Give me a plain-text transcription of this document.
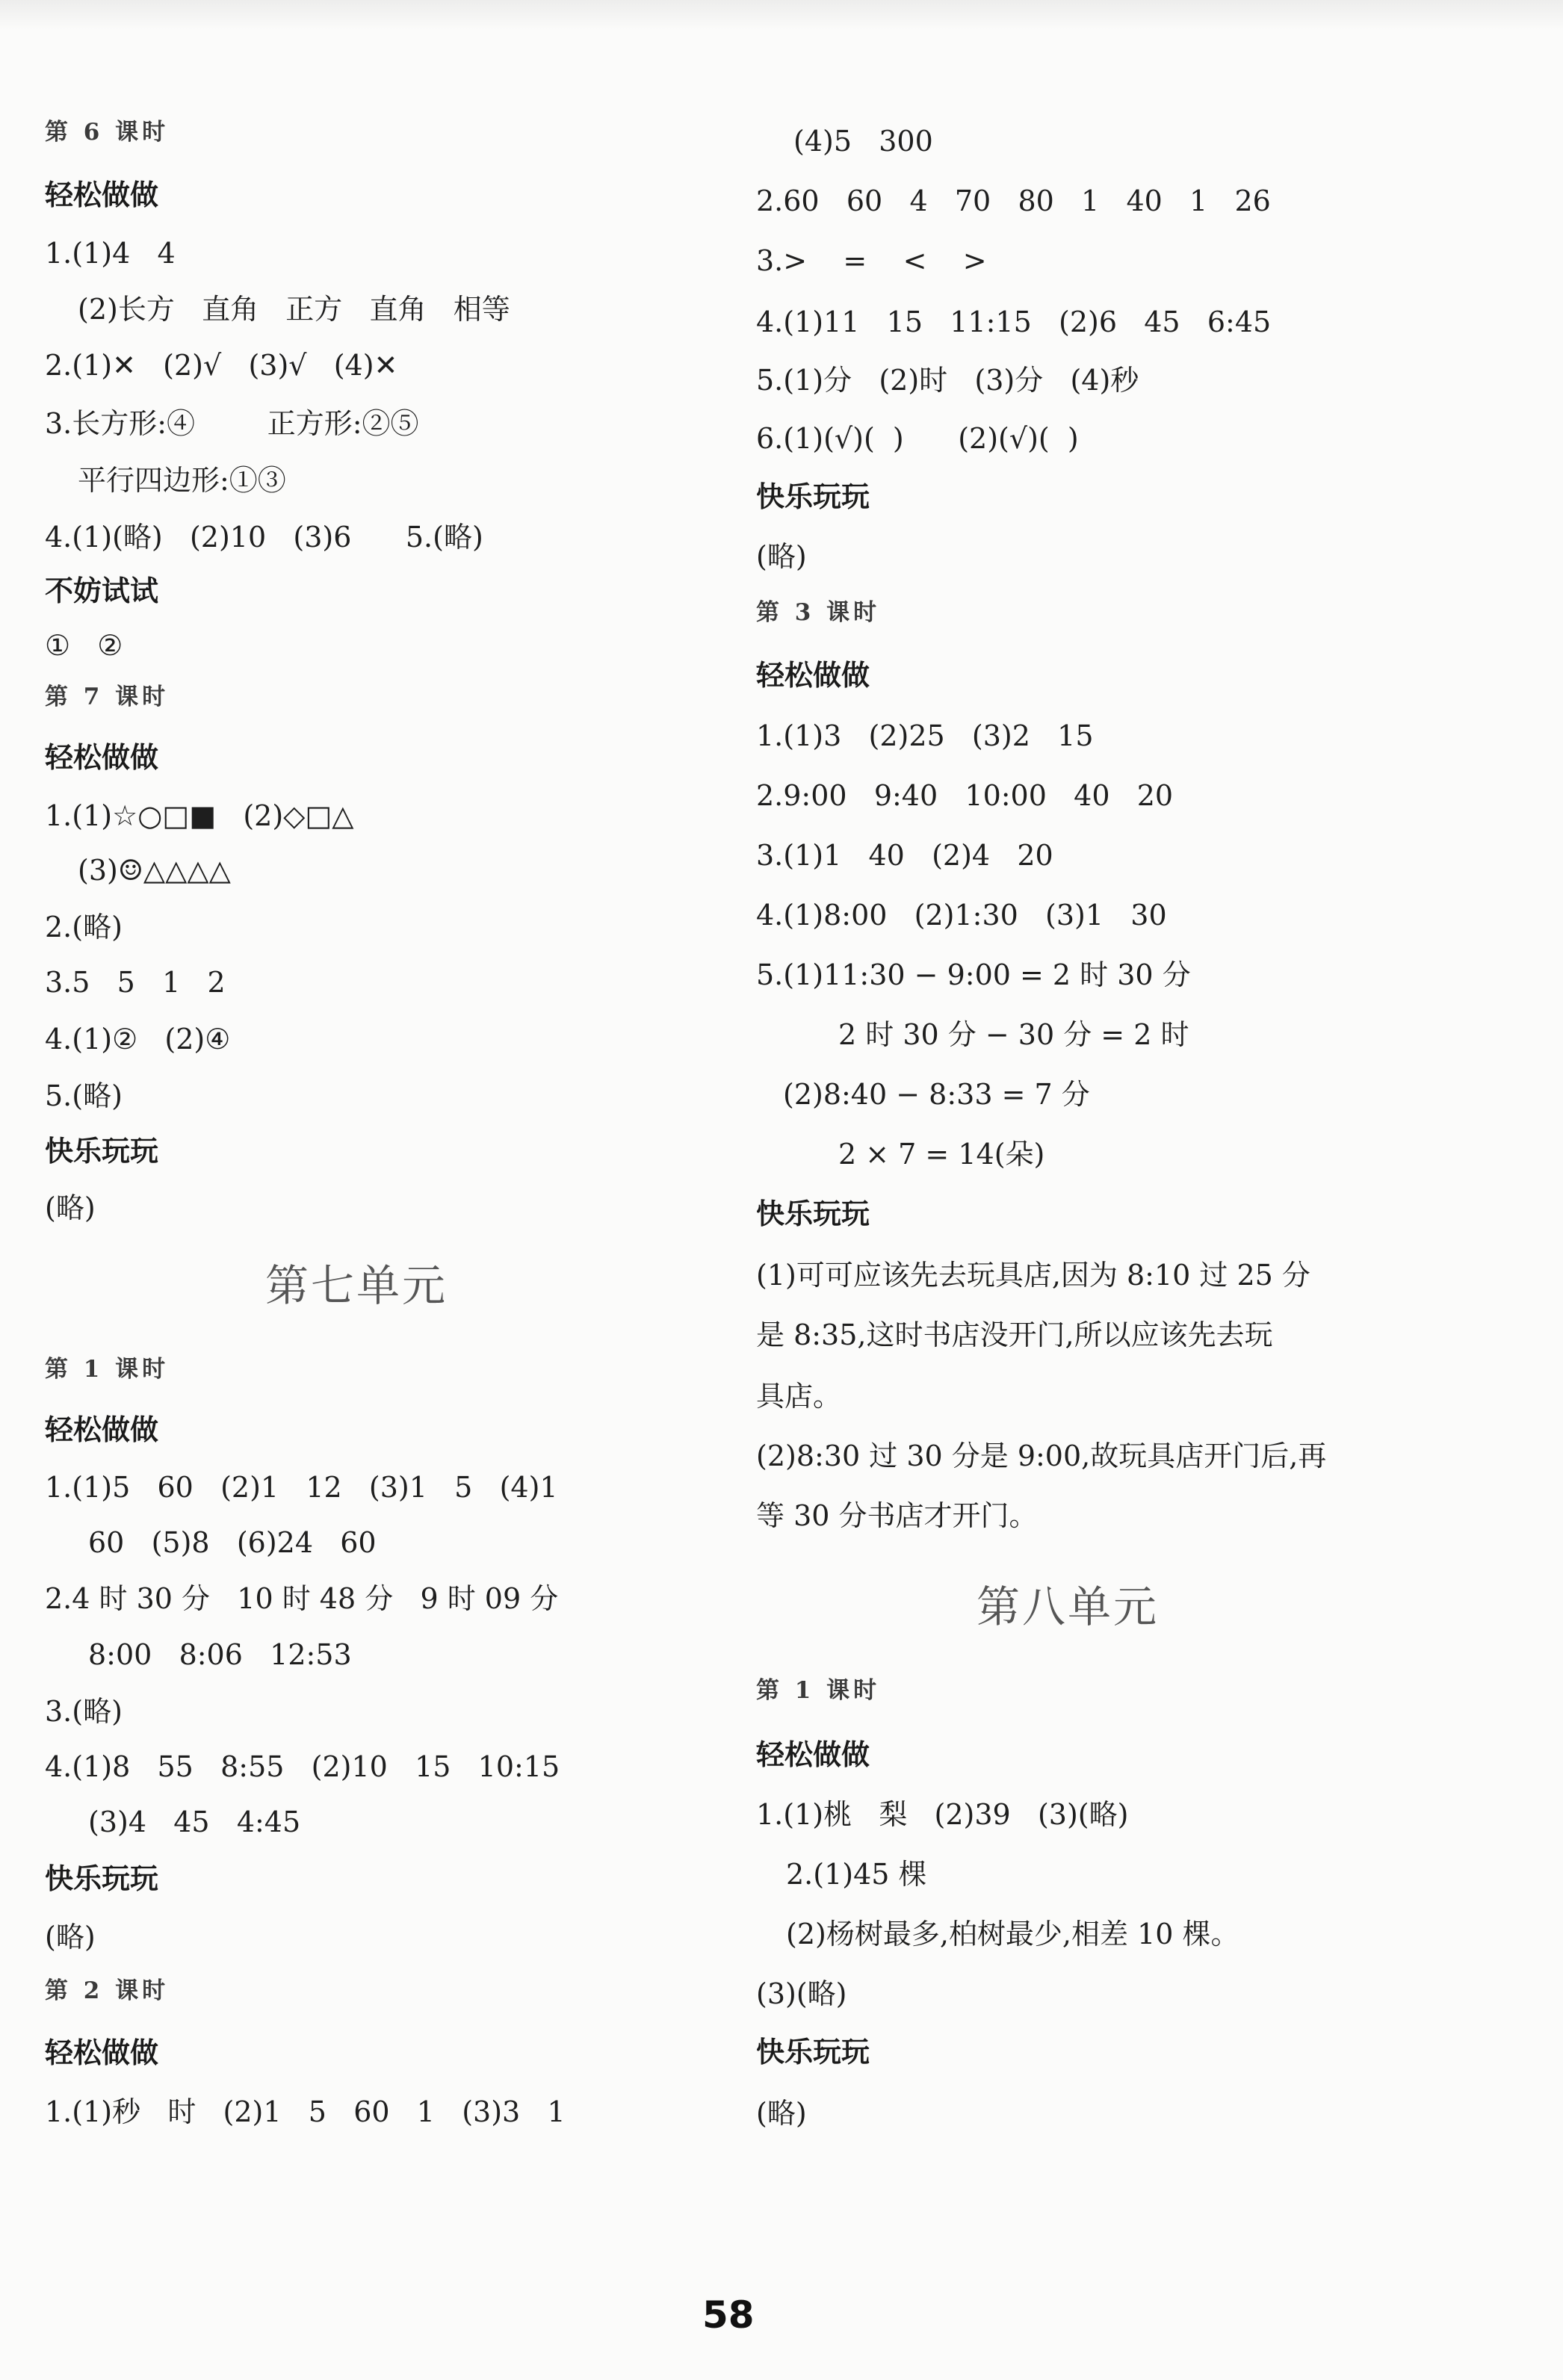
第 6 课时
轻松做做
1.(1)4   4
(2)长方   直角   正方   直角   相等
2.(1)✕   (2)√   (3)√   (4)✕
3.长方形:④        正方形:②⑤
平行四边形:①③
4.(1)(略)   (2)10   (3)6      5.(略)
不妨试试
①   ②
第 7 课时
轻松做做
1.(1)☆○□■   (2)◇□△
(3)☺△△△△
2.(略)
3.5   5   1   2
4.(1)②   (2)④
5.(略)
快乐玩玩
(略)
第七单元
第 1 课时
轻松做做
1.(1)5   60   (2)1   12   (3)1   5   (4)1
60   (5)8   (6)24   60
2.4 时 30 分   10 时 48 分   9 时 09 分
8:00   8:06   12:53
3.(略)
4.(1)8   55   8:55   (2)10   15   10:15
(3)4   45   4:45
快乐玩玩
(略)
第 2 课时
轻松做做
1.(1)秒   时   (2)1   5   60   1   (3)3   1
(4)5   300
2.60   60   4   70   80   1   40   1   26
3.>    =    <    >
4.(1)11   15   11:15   (2)6   45   6:45
5.(1)分   (2)时   (3)分   (4)秒
6.(1)(√)(  )      (2)(√)(  )
快乐玩玩
(略)
第 3 课时
轻松做做
1.(1)3   (2)25   (3)2   15
2.9:00   9:40   10:00   40   20
3.(1)1   40   (2)4   20
4.(1)8:00   (2)1:30   (3)1   30
5.(1)11:30 − 9:00 = 2 时 30 分
2 时 30 分 − 30 分 = 2 时
(2)8:40 − 8:33 = 7 分
2 × 7 = 14(朵)
快乐玩玩
(1)可可应该先去玩具店,因为 8:10 过 25 分
是 8:35,这时书店没开门,所以应该先去玩
具店。
(2)8:30 过 30 分是 9:00,故玩具店开门后,再
等 30 分书店才开门。
第八单元
第 1 课时
轻松做做
1.(1)桃   梨   (2)39   (3)(略)
2.(1)45 棵
(2)杨树最多,柏树最少,相差 10 棵。
(3)(略)
快乐玩玩
(略)
58
